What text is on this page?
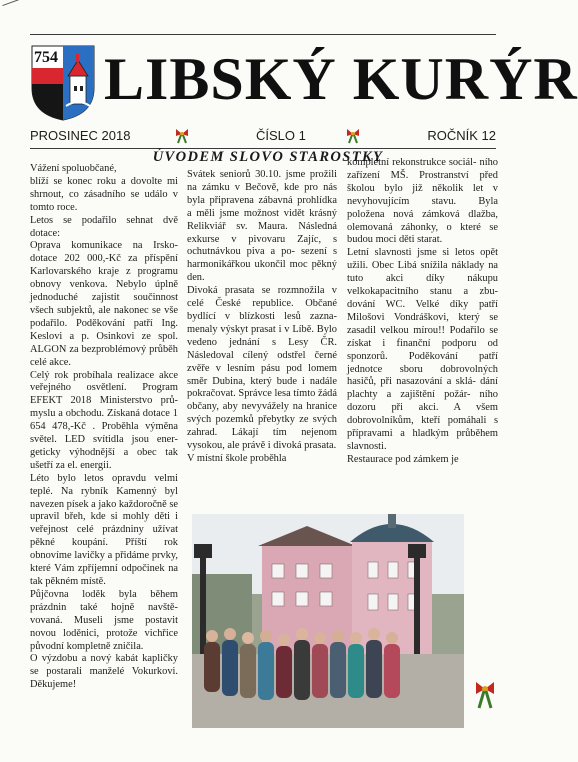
754 LIBSKÝ KURÝR
PROSINEC 2018	ČÍSLO 1	ROČNÍK 12
ÚVODEM SLOVO STAROSTKY

Vážení spoluobčané,

blíží se konec roku a dovolte mi shrnout, co zásadního se událo v tomto roce.

Letos se podařilo sehnat dvě dotace:

Oprava komunikace na Irsko- dotace 202 000,-Kč za příspění Karlovarského kraje z programu obnovy venkova. Nebylo úplně jednoduché zajistit součinnost všech subjektů, ale nakonec se vše podařilo. Poděkování patří Ing. Keslovi a p. Osinkovi ze spol. ALGON za bezproblémový průběh celé akce.

Celý rok probíhala realizace akce veřejného osvětlení. Program EFEKT 2018 Ministerstvo prů- myslu a obchodu. Získaná dotace 1 654 478,-Kč . Proběhla výměna světel. LED svítidla jsou ener- geticky výhodnější a obec tak ušetří za el. energii.

Léto bylo letos opravdu velmi teplé. Na rybník Kamenný byl navezen písek a jako každoročně se upravil břeh, kde si mohly děti i veřejnost celé prázdniny užívat pěkné koupání. Příští rok obnovíme lavičky a přidáme prvky, které Vám zpříjemní odpočinek na tak pěkném místě.

Půjčovna loděk byla během prázdnin také hojně navště- vovaná. Museli jsme postavit novou loděnici, protože vichřice původní kompletně zničila.

O výzdobu a nový kabát kapličky se postarali manželé Vokurkovi. Děkujeme!

Svátek seniorů 30.10. jsme prožili na zámku v Bečově, kde pro nás byla připravena zábavná prohlídka a měli jsme možnost vidět krásný Relikviář sv. Maura. Následná exkurse v pivovaru Zajíc, s ochutnávkou piva a po- sezení s harmonikářkou ukončil moc pěkný den.

Divoká prasata se rozmnožila v celé České republice. Občané bydlící v blízkosti lesů zazna- menaly výskyt prasat i v Líbě. Bylo vedeno jednání s Lesy ČR. Následoval cílený odstřel černé zvěře v lesním pásu pod lomem směr Dubina, který bude i nadále pokračovat. Správce lesa tímto žádá občany, aby nevyvážely na hranice svých pozemků přebytky ze svých zahrad. Lákají tím nejenom vysokou, ale právě i divoká prasata.

V místní škole proběhla

kompletní rekonstrukce sociál- ního zařízení MŠ. Prostranství před školou bylo již několik let v nevyhovujícím stavu. Byla položena nová zámková dlažba, olemovaná záhonky, o které se budou moci děti starat.

Letní slavnosti jsme si letos opět užili. Obec Libá snížila náklady na tuto akci díky nákupu velkokapacitního stanu a zbu- dování WC. Velké díky patří Milošovi Vondráškovi, který se zasadil velkou mírou!! Podařilo se získat i finanční podporu od sponzorů. Poděkování patří jednotce sboru dobrovolných hasičů, při nasazování a sklá- dání plachty a zajištění požár- ního dozoru při akci. A všem dobrovolníkům, kteří pomáhali s přípravami a hladkým průběhem slavnosti.

Restaurace pod zámkem je
